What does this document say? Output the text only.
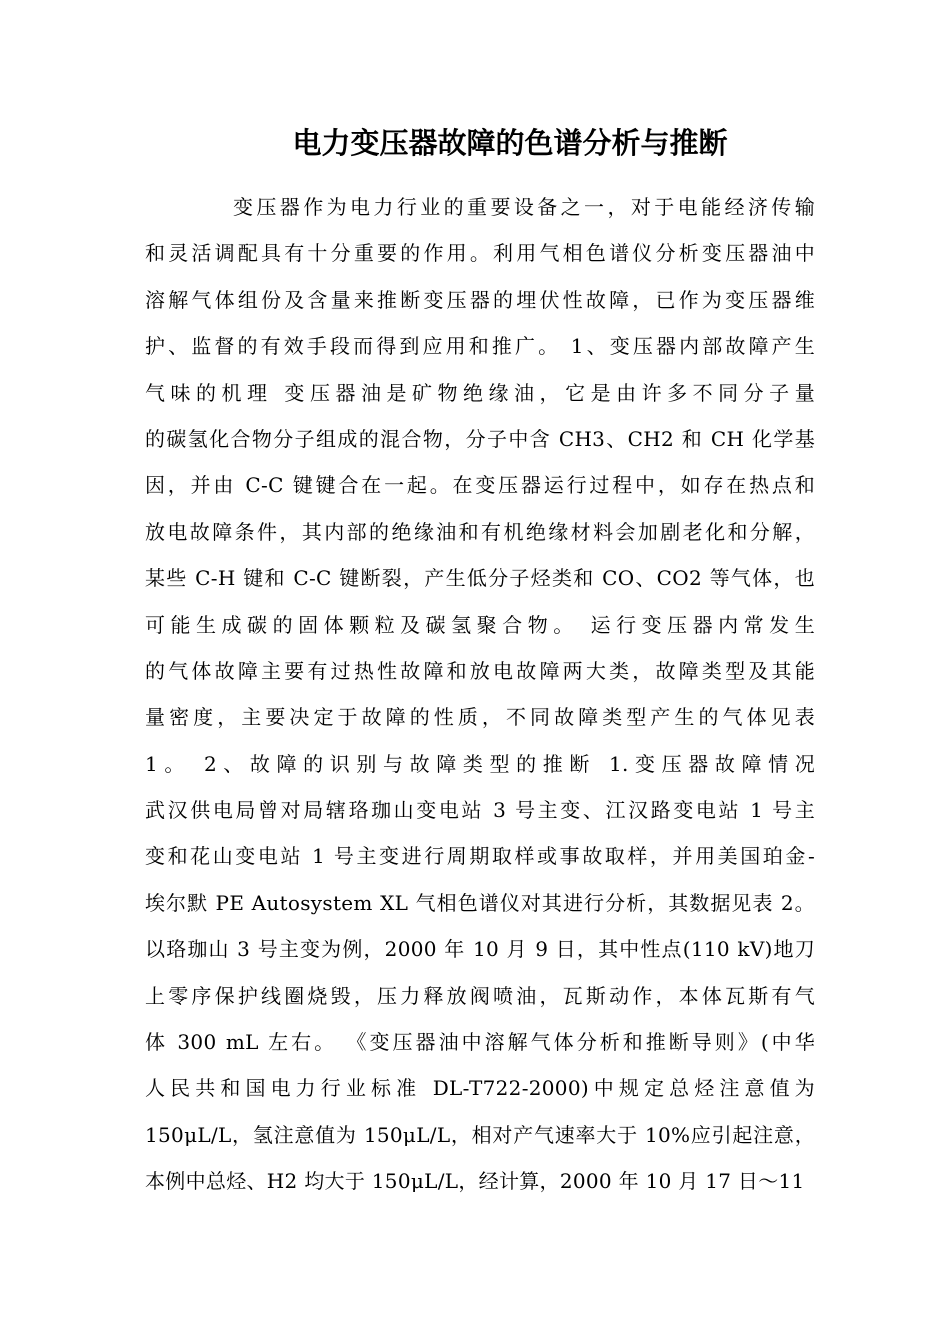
电力变压器故障的色谱分析与推断
变压器作为电力行业的重要设备之一，对于电能经济传输
和灵活调配具有十分重要的作用。利用气相色谱仪分析变压器油中
溶解气体组份及含量来推断变压器的埋伏性故障，已作为变压器维
护、监督的有效手段而得到应用和推广。 1、变压器内部故障产生
气味的机理 变压器油是矿物绝缘油，它是由许多不同分子量
的碳氢化合物分子组成的混合物，分子中含 CH3、CH2 和 CH 化学基
因，并由 C-C 键键合在一起。在变压器运行过程中，如存在热点和
放电故障条件，其内部的绝缘油和有机绝缘材料会加剧老化和分解，
某些 C-H 键和 C-C 键断裂，产生低分子烃类和 CO、CO2 等气体，也
可能生成碳的固体颗粒及碳氢聚合物。 运行变压器内常发生
的气体故障主要有过热性故障和放电故障两大类，故障类型及其能
量密度，主要决定于故障的性质，不同故障类型产生的气体见表
1。 2、故障的识别与故障类型的推断 1.变压器故障情况
武汉供电局曾对局辖珞珈山变电站 3 号主变、江汉路变电站 1 号主
变和花山变电站 1 号主变进行周期取样或事故取样，并用美国珀金-
埃尔默 PE Autosystem XL 气相色谱仪对其进行分析，其数据见表 2。
以珞珈山 3 号主变为例，2000 年 10 月 9 日，其中性点(110 kV)地刀
上零序保护线圈烧毁，压力释放阀喷油，瓦斯动作，本体瓦斯有气
体 300 mL 左右。 《变压器油中溶解气体分析和推断导则》(中华
人民共和国电力行业标准 DL-T722-2000)中规定总烃注意值为
150μL/L，氢注意值为 150μL/L，相对产气速率大于 10%应引起注意，
本例中总烃、H2 均大于 150μL/L，经计算，2000 年 10 月 17 日～11
